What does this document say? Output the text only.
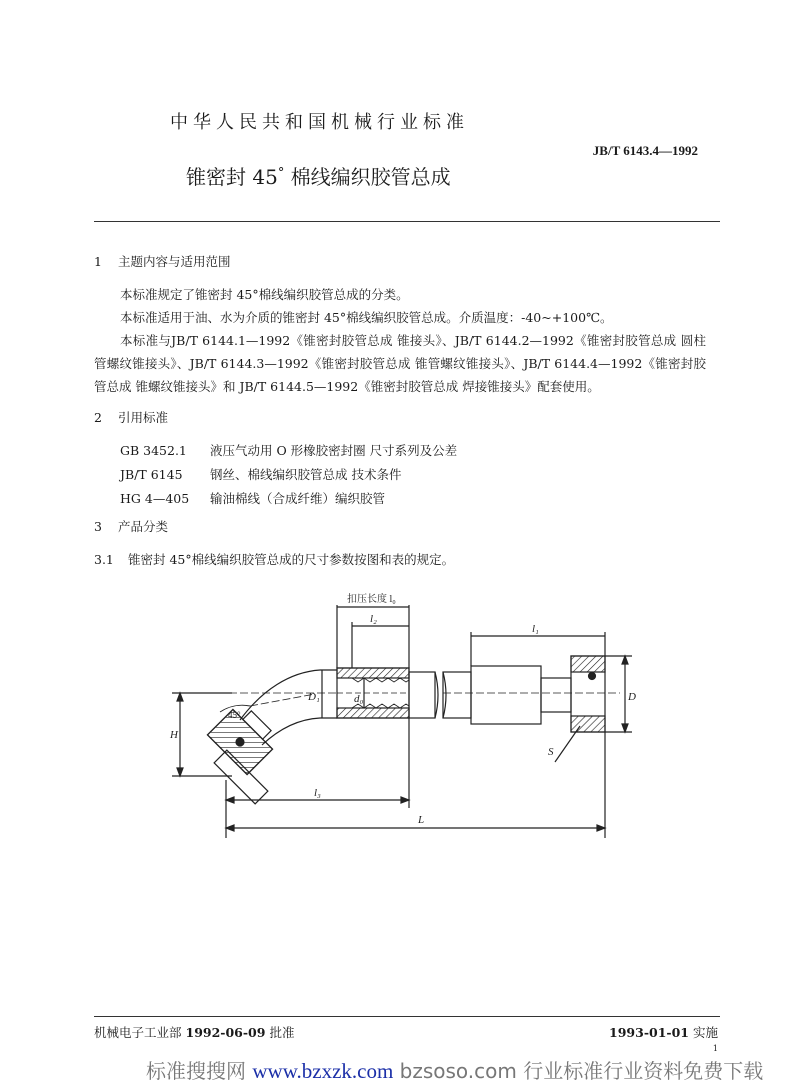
中华人民共和国机械行业标准
JB/T 6143.4—1992
锥密封 45° 棉线编织胶管总成
1 主题内容与适用范围
本标准规定了锥密封 45°棉线编织胶管总成的分类。
本标准适用于油、水为介质的锥密封 45°棉线编织胶管总成。介质温度：-40~+100℃。
本标准与JB/T 6144.1—1992《锥密封胶管总成 锥接头》、JB/T 6144.2—1992《锥密封胶管总成 圆柱管螺纹锥接头》、JB/T 6144.3—1992《锥密封胶管总成 锥管螺纹锥接头》、JB/T 6144.4—1992《锥密封胶管总成 锥螺纹锥接头》和 JB/T 6144.5—1992《锥密封胶管总成 焊接锥接头》配套使用。
2 引用标准
GB 3452.1 液压气动用 O 形橡胶密封圈 尺寸系列及公差
JB/T 6145 钢丝、棉线编织胶管总成 技术条件
HG 4—405 输油棉线（合成纤维）编织胶管
3 产品分类
3.1 锥密封 45°棉线编织胶管总成的尺寸参数按图和表的规定。
扣压长度 l₀
l₂
l₁
l₃
L
H
D
D₁	d₀
S
45°
机械电子工业部 1992-06-09 批准	1993-01-01 实施
1
标准搜搜网 www.bzxzk.com bzsoso.com 行业标准行业资料免费下载
